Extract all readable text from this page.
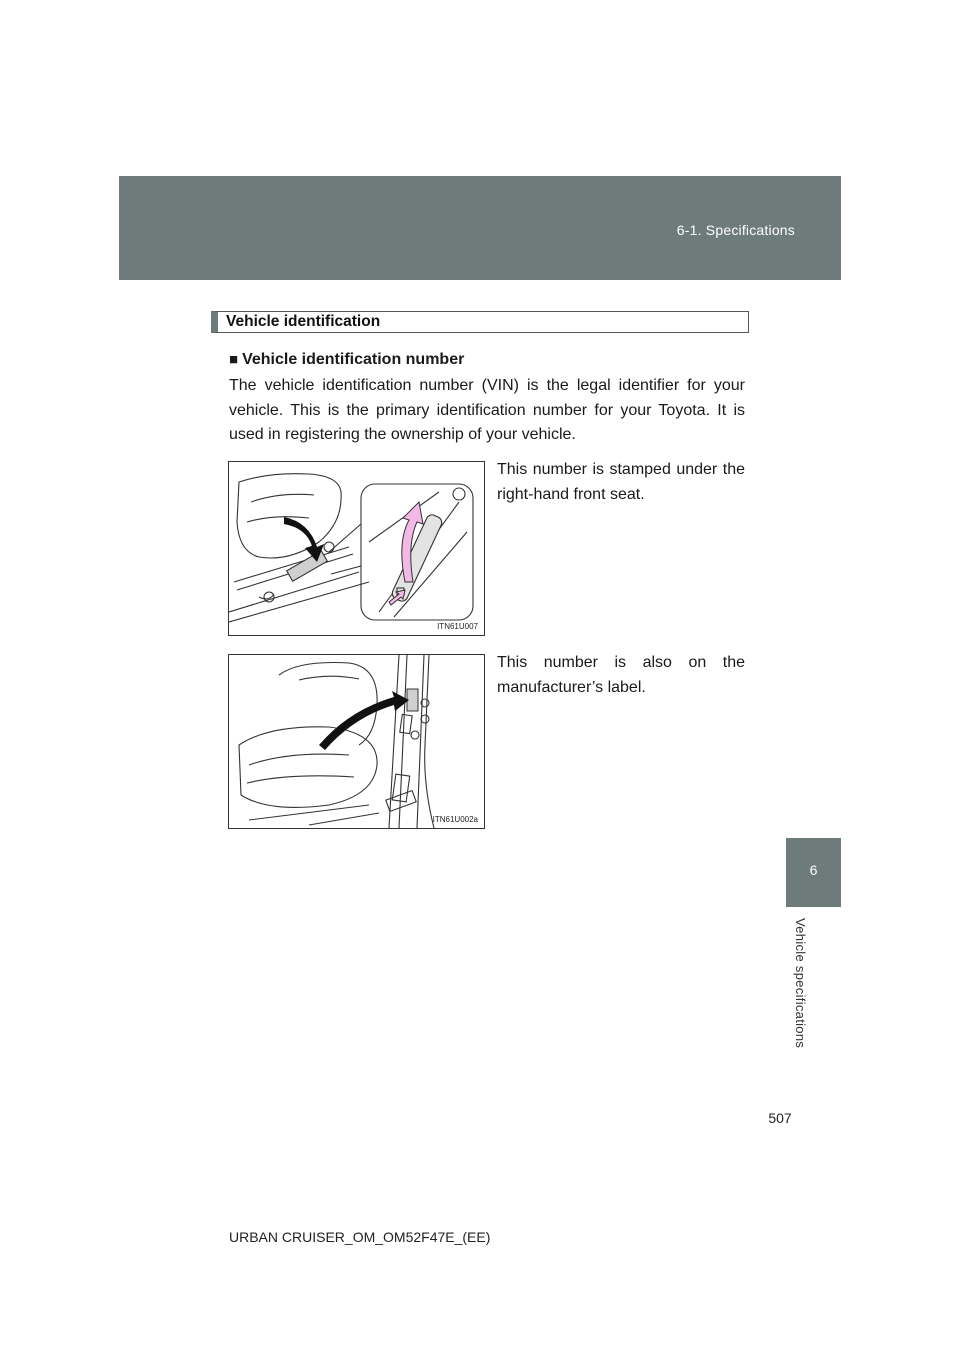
6-1. Specifications
6
Vehicle specifications
Vehicle identification
■ Vehicle identification number
The vehicle identification number (VIN) is the legal identifier for your vehicle. This is the primary identification number for your Toyota. It is used in registering the ownership of your vehicle.
ITN61U007
This number is stamped under the right-hand front seat.
ITN61U002a
This number is also on the manufacturer’s label.
507
URBAN CRUISER_OM_OM52F47E_(EE)
